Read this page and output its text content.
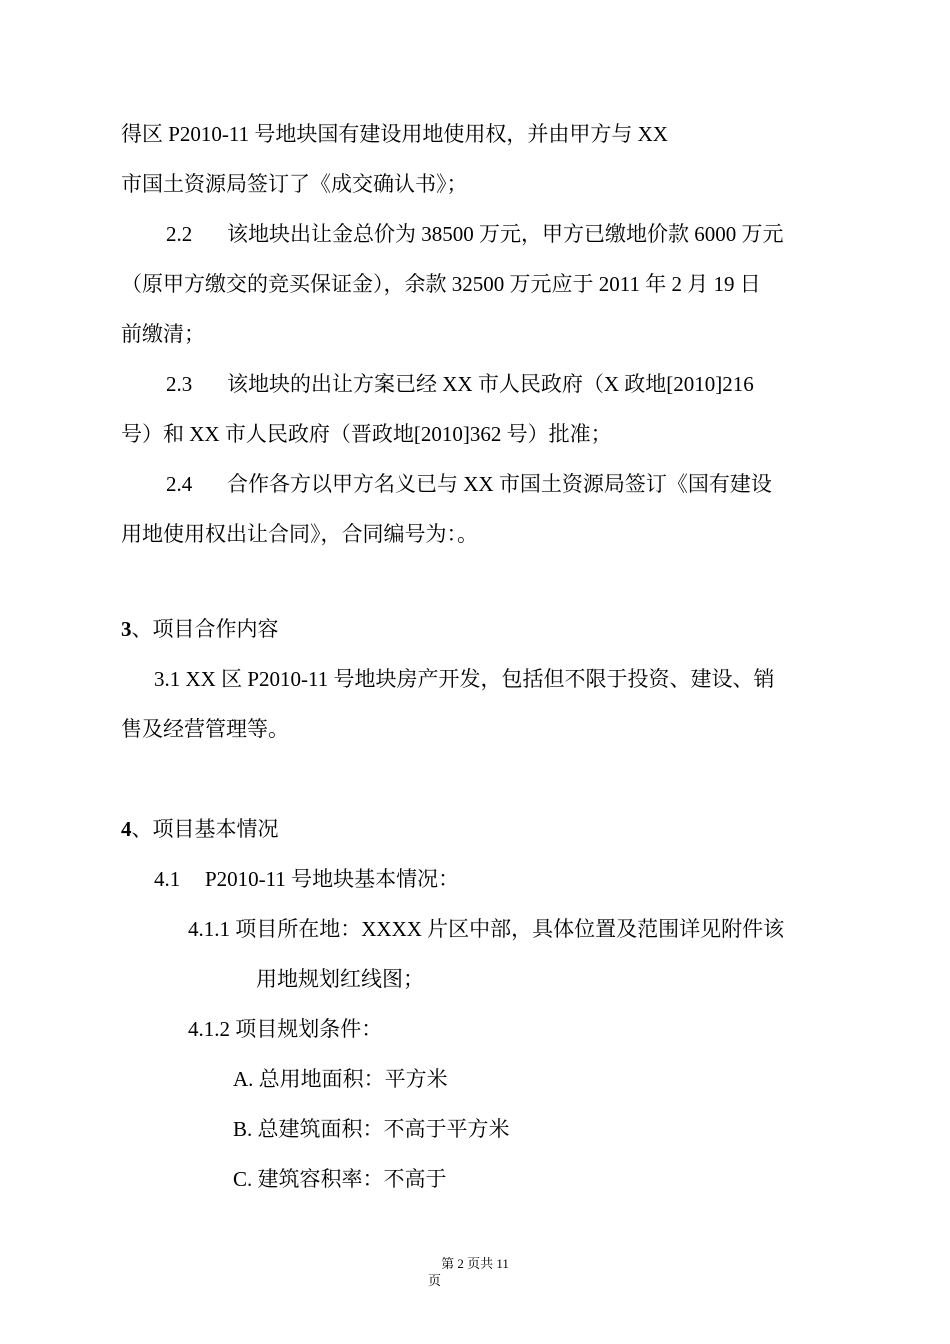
得区 P2010-11 号地块国有建设用地使用权，并由甲方与 XX
市国土资源局签订了《成交确认书》；
2.2 该地块出让金总价为 38500 万元，甲方已缴地价款 6000 万元
（原甲方缴交的竞买保证金），余款 32500 万元应于 2011 年 2 月 19 日
前缴清；
2.3 该地块的出让方案已经 XX 市人民政府（X 政地[2010]216
号）和 XX 市人民政府（晋政地[2010]362 号）批准；
2.4 合作各方以甲方名义已与 XX 市国土资源局签订《国有建设
用地使用权出让合同》，合同编号为：。
3、项目合作内容
3.1 XX 区 P2010-11 号地块房产开发，包括但不限于投资、建设、销
售及经营管理等。
4、项目基本情况
4.1 P2010-11 号地块基本情况：
4.1.1 项目所在地：XXXX 片区中部，具体位置及范围详见附件该
用地规划红线图；
4.1.2 项目规划条件：
A. 总用地面积：平方米
B. 总建筑面积：不高于平方米
C. 建筑容积率：不高于
第 2 页共 11
页
